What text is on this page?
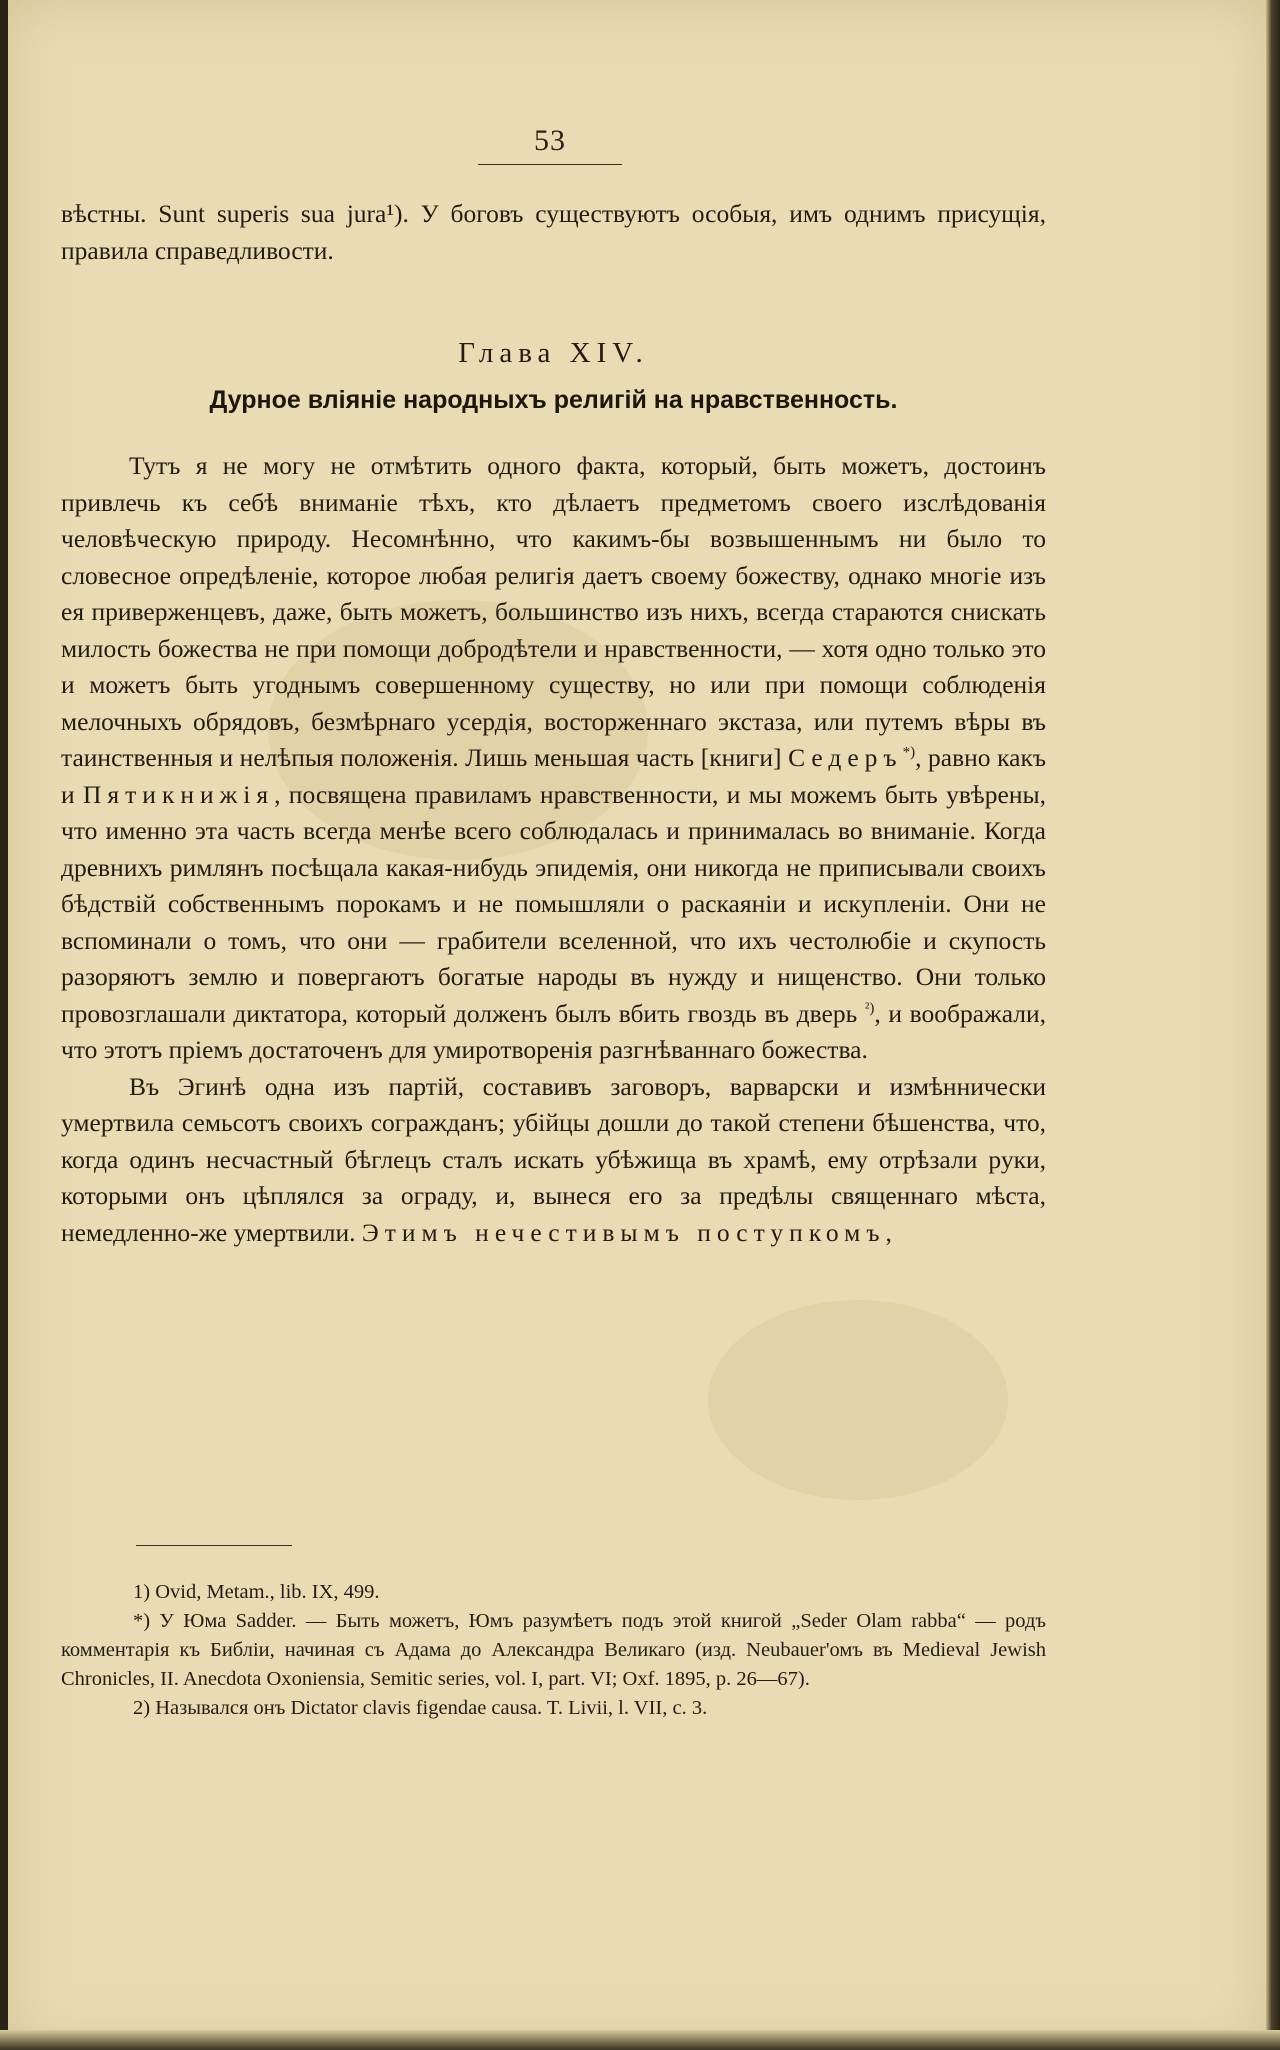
53

вѣстны. Sunt superis sua jura¹). У боговъ существуютъ особыя, имъ однимъ присущія, правила справедливости.

Глава XIV.
Дурное вліяніе народныхъ религій на нравственность.

Тутъ я не могу не отмѣтить одного факта, который, быть можетъ, достоинъ привлечь къ себѣ вниманіе тѣхъ, кто дѣлаетъ предметомъ своего изслѣдованія человѣческую природу. Несомнѣнно, что какимъ-бы возвышеннымъ ни было то словесное опредѣленіе, которое любая религія даетъ своему божеству, однако многіе изъ ея приверженцевъ, даже, быть можетъ, большинство изъ нихъ, всегда стараются снискать милость божества не при помощи добродѣтели и нравственности, — хотя одно только это и можетъ быть угоднымъ совершенному существу, но или при помощи соблюденія мелочныхъ обрядовъ, безмѣрнаго усердія, восторженнаго экстаза, или путемъ вѣры въ таинственныя и нелѣпыя положенія. Лишь меньшая часть [книги] Седеръ*), равно какъ и Пятикнижія, посвящена правиламъ нравственности, и мы можемъ быть увѣрены, что именно эта часть всегда менѣе всего соблюдалась и принималась во вниманіе. Когда древнихъ римлянъ посѣщала какая-нибудь эпидемія, они никогда не приписывали своихъ бѣдствій собственнымъ порокамъ и не помышляли о раскаяніи и искупленіи. Они не вспоминали о томъ, что они — грабители вселенной, что ихъ честолюбіе и скупость разоряютъ землю и повергаютъ богатые народы въ нужду и нищенство. Они только провозглашали диктатора, который долженъ былъ вбить гвоздь въ дверь $^{^2)}$, и воображали, что этотъ пріемъ достаточенъ для умиротворенія разгнѣваннаго божества.

Въ Эгинѣ одна изъ партій, составивъ заговоръ, варварски и измѣннически умертвила семьсотъ своихъ согражданъ; убійцы дошли до такой степени бѣшенства, что, когда одинъ несчастный бѣглецъ сталъ искать убѣжища въ храмѣ, ему отрѣзали руки, которыми онъ цѣплялся за ограду, и, вынеся его за предѣлы священнаго мѣста, немедленно-же умертвили. Этимъ нечестивымъ поступкомъ,

1) Ovid, Metam., lib. IX, 499.

*) У Юма Sadder. — Быть можетъ, Юмъ разумѣетъ подъ этой книгой „Seder Olam rabba“ — родъ комментарія къ Библіи, начиная съ Адама до Александра Великаго (изд. Neubauer'омъ въ Medieval Jewish Chronicles, II. Anecdota Oxoniensia, Semitic series, vol. I, part. VI; Oxf. 1895, p. 26—67).

2) Назывался онъ Dictator clavis figendae causa. T. Livii, l. VII, c. 3.
